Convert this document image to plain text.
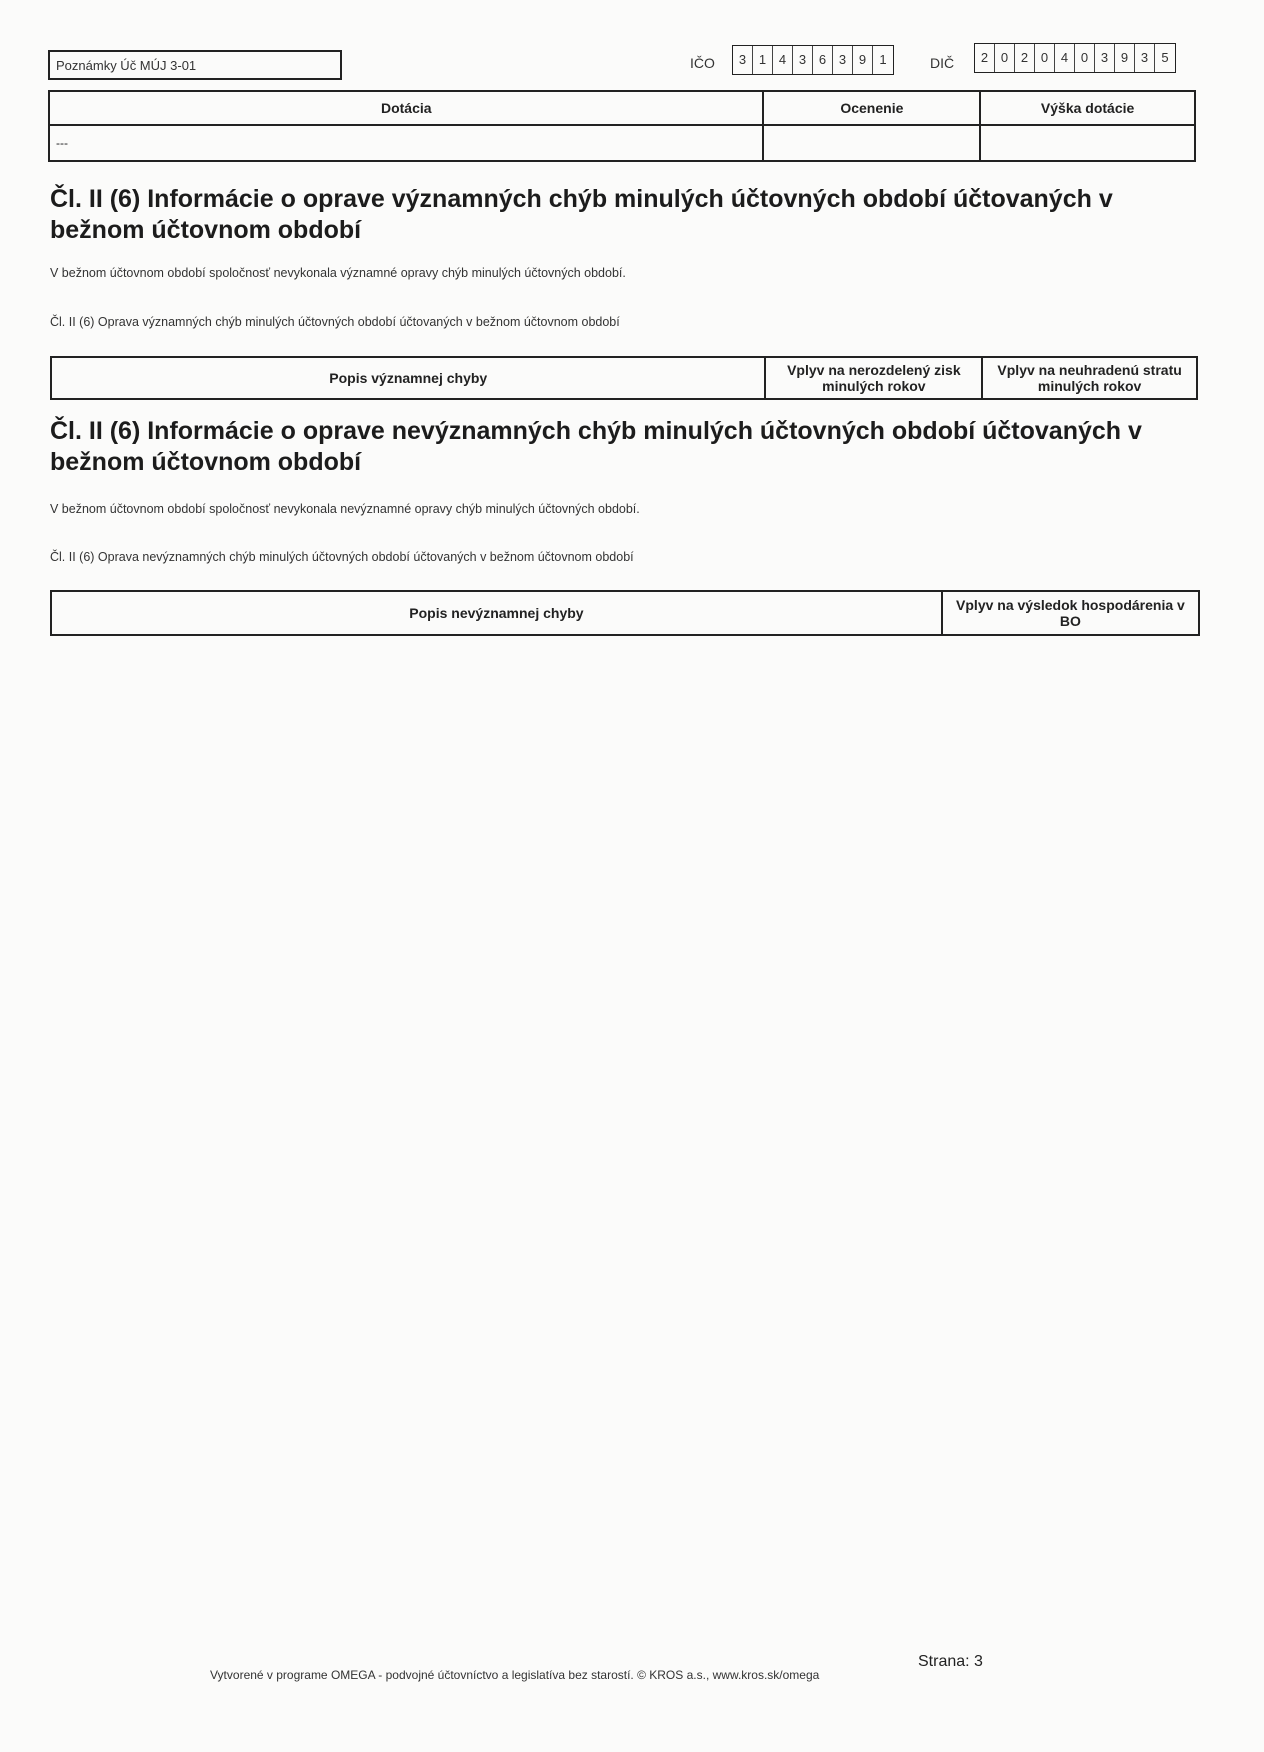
Poznámky Úč MÚJ 3-01	IČO	3 1 4 3 6 3 9	1	DIČ	2 0 2 0 4 0 3 9 3	5
Dotácia	Ocenenie	Výška dotácie
---		
Čl. II (6) Informácie o oprave významných chýb minulých účtovných období účtovaných v bežnom účtovnom období
V bežnom účtovnom období spoločnosť nevykonala významné opravy chýb minulých účtovných období.
Čl. II (6) Oprava významných chýb minulých účtovných období účtovaných v bežnom účtovnom období
Popis významnej chyby	Vplyv na nerozdelený zisk minulých rokov	Vplyv na neuhradenú stratu minulých rokov
Čl. II (6) Informácie o oprave nevýznamných chýb minulých účtovných období účtovaných v bežnom účtovnom období
V bežnom účtovnom období spoločnosť nevykonala nevýznamné opravy chýb minulých účtovných období.
Čl. II (6) Oprava nevýznamných chýb minulých účtovných období účtovaných v bežnom účtovnom období
Popis nevýznamnej chyby	Vplyv na výsledok hospodárenia v BO
Vytvorené v programe OMEGA - podvojné účtovníctvo a legislatíva bez starostí. © KROS a.s., www.kros.sk/omega
Strana: 3
